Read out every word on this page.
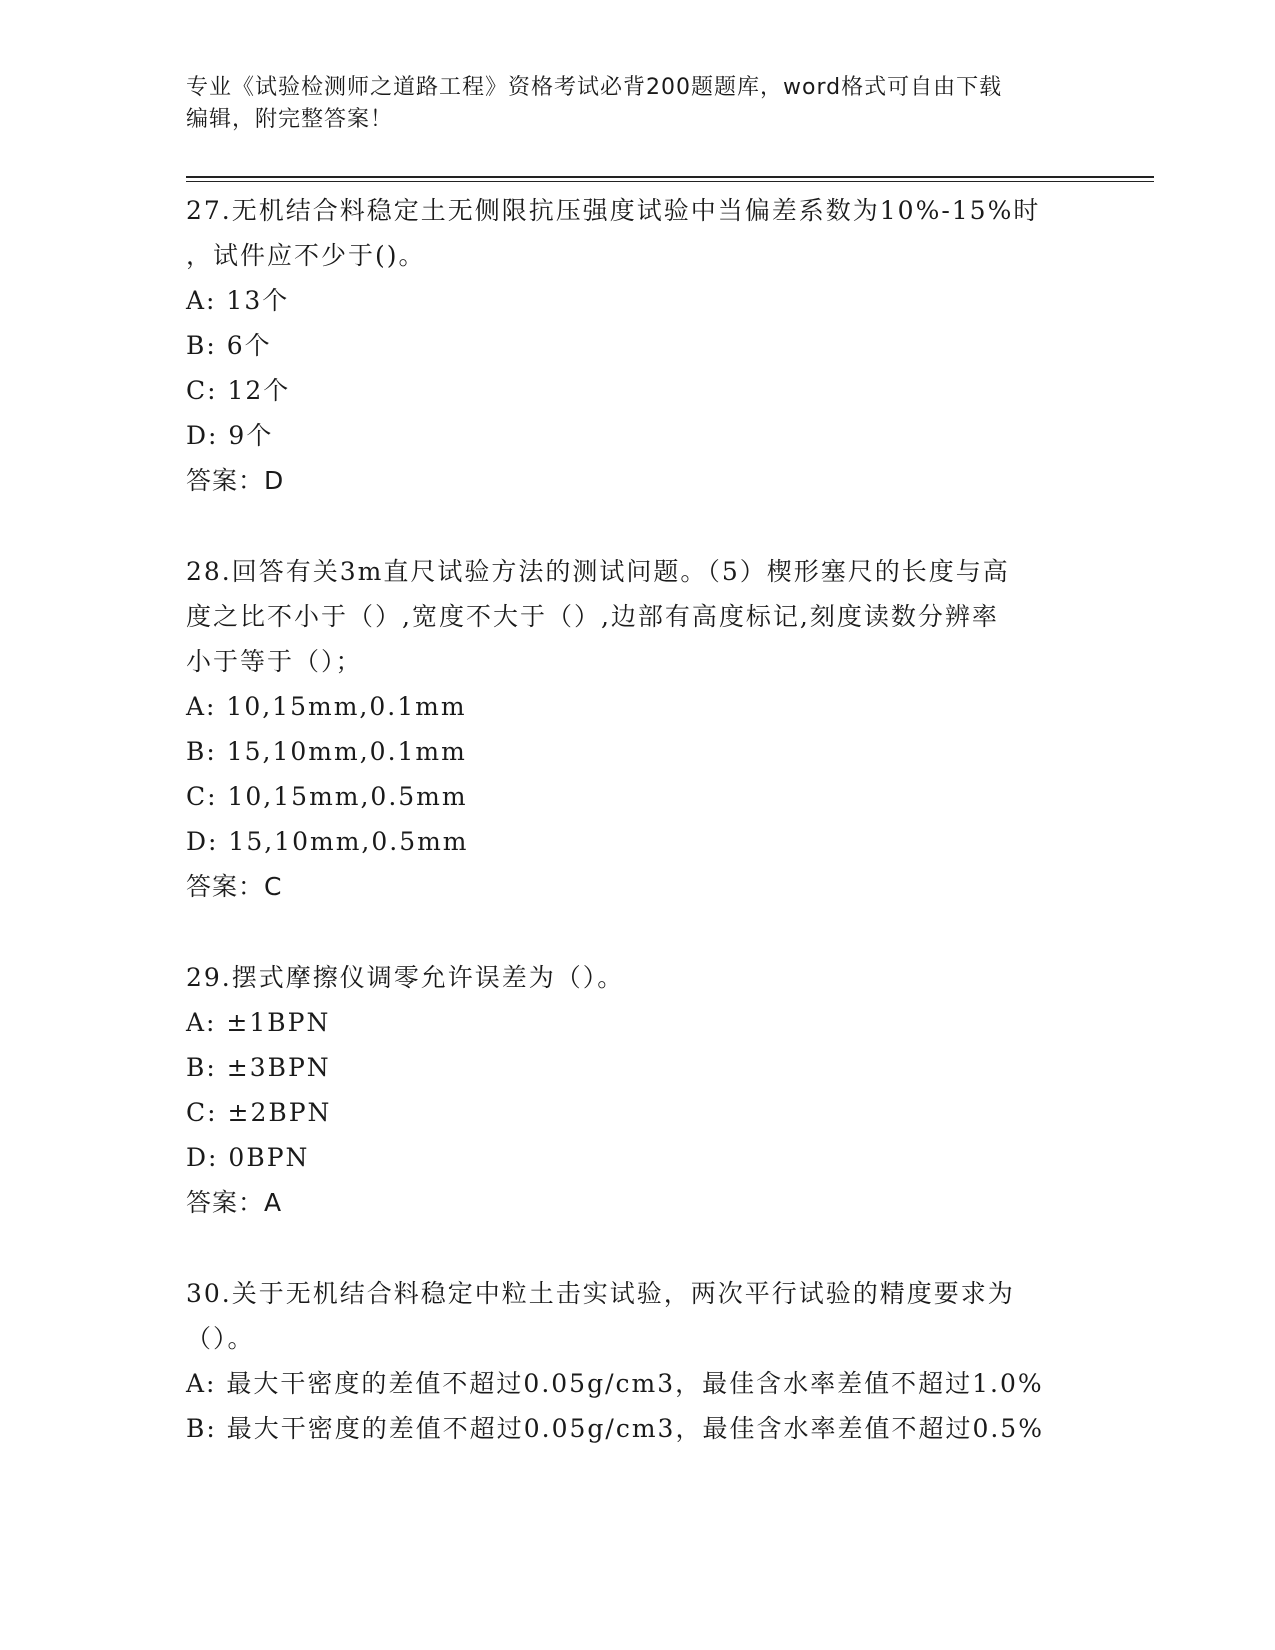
专业《试验检测师之道路工程》资格考试必背200题题库，word格式可自由下载
编辑，附完整答案！
27.无机结合料稳定土无侧限抗压强度试验中当偏差系数为10%-15%时
，试件应不少于()。
A: 13个
B: 6个
C: 12个
D: 9个
答案：D
28.回答有关3m直尺试验方法的测试问题。（5）楔形塞尺的长度与高
度之比不小于（）,宽度不大于（）,边部有高度标记,刻度读数分辨率
小于等于（）；
A: 10,15mm,0.1mm
B: 15,10mm,0.1mm
C: 10,15mm,0.5mm
D: 15,10mm,0.5mm
答案：C
29.摆式摩擦仪调零允许误差为（）。
A: ±1BPN
B: ±3BPN
C: ±2BPN
D: 0BPN
答案：A
30.关于无机结合料稳定中粒土击实试验，两次平行试验的精度要求为
（）。
A: 最大干密度的差值不超过0.05g/cm3，最佳含水率差值不超过1.0%
B: 最大干密度的差值不超过0.05g/cm3，最佳含水率差值不超过0.5%
